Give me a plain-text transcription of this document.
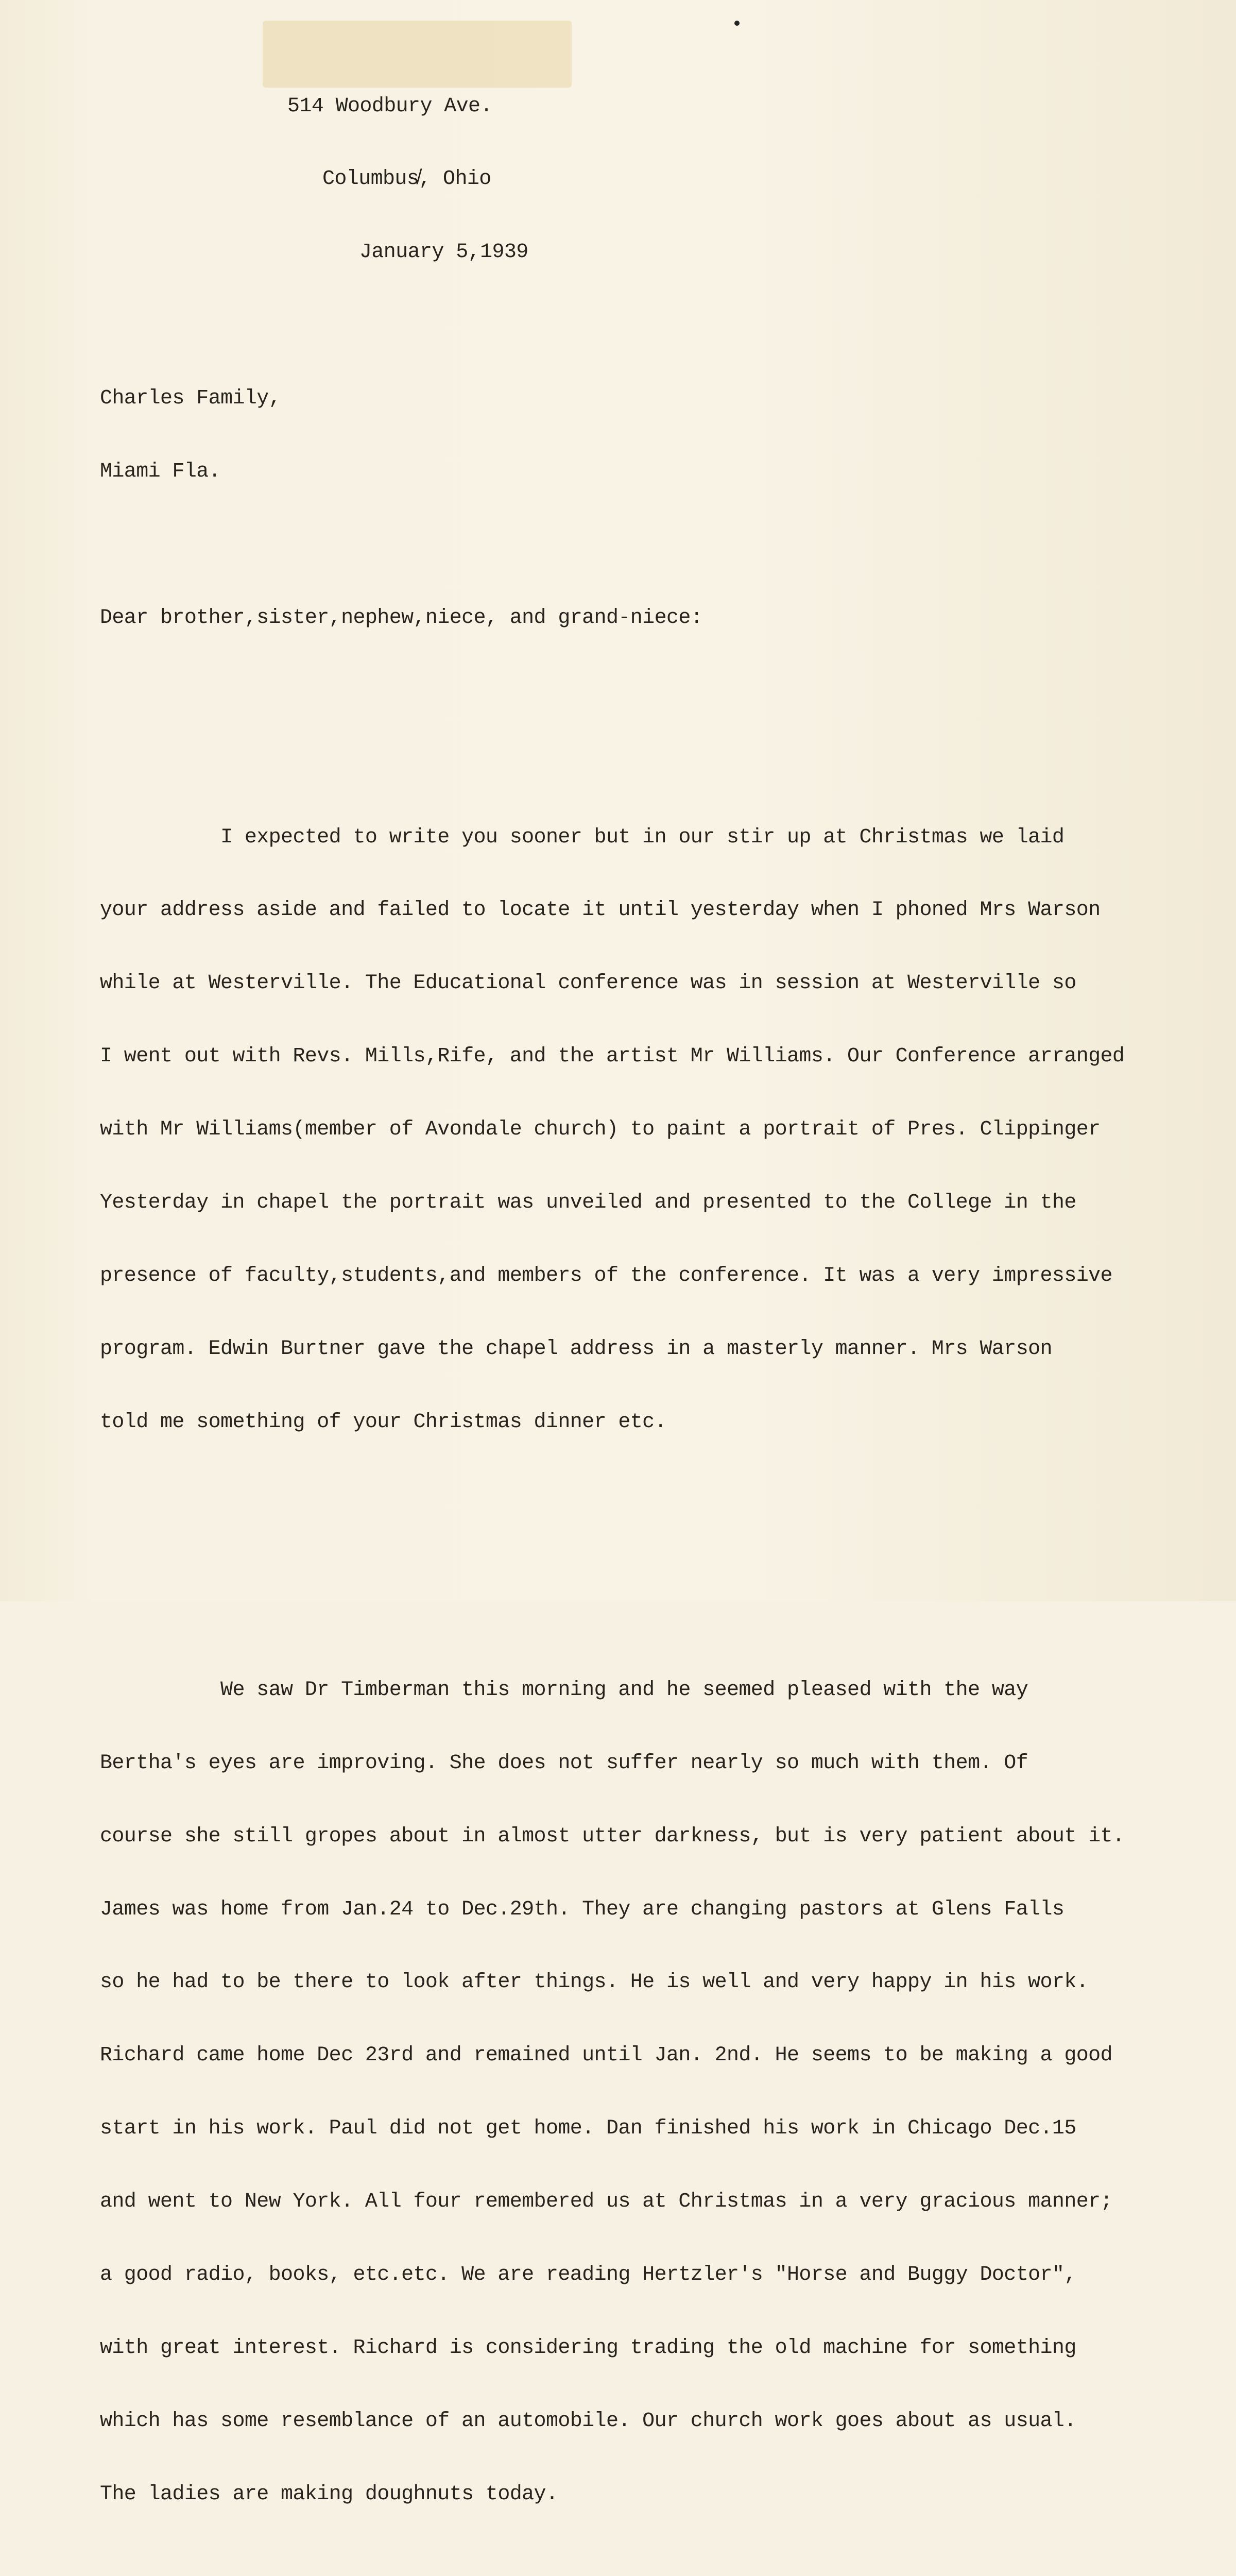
514 Woodbury Ave.

Columbus̸, Ohio

January 5,1939

Charles Family,

Miami Fla.

Dear brother,sister,nephew,niece, and grand-niece:

I expected to write you sooner but in our stir up at Christmas we laid

your address aside and failed to locate it until yesterday when I phoned Mrs Warson

while at Westerville. The Educational conference was in session at Westerville so

I went out with Revs. Mills,Rife, and the artist Mr Williams. Our Conference arranged

with Mr Williams(member of Avondale church) to paint a portrait of Pres. Clippinger

Yesterday in chapel the portrait was unveiled and presented to the College in the

presence of faculty,students,and members of the conference. It was a very impressive

program. Edwin Burtner gave the chapel address in a masterly manner. Mrs Warson

told me something of your Christmas dinner etc.

We saw Dr Timberman this morning and he seemed pleased with the way

Bertha's eyes are improving. She does not suffer nearly so much with them. Of

course she still gropes about in almost utter darkness, but is very patient about it.

James was home from Jan.24 to Dec.29th. They are changing pastors at Glens Falls

so he had to be there to look after things. He is well and very happy in his work.

Richard came home Dec 23rd and remained until Jan. 2nd. He seems to be making a good

start in his work. Paul did not get home. Dan finished his work in Chicago Dec.15

and went to New York. All four remembered us at Christmas in a very gracious manner;

a good radio, books, etc.etc. We are reading Hertzler's "Horse and Buggy Doctor",

with great interest. Richard is considering trading the old machine for something

which has some resemblance of an automobile. Our church work goes about as usual.

The ladies are making doughnuts today.
